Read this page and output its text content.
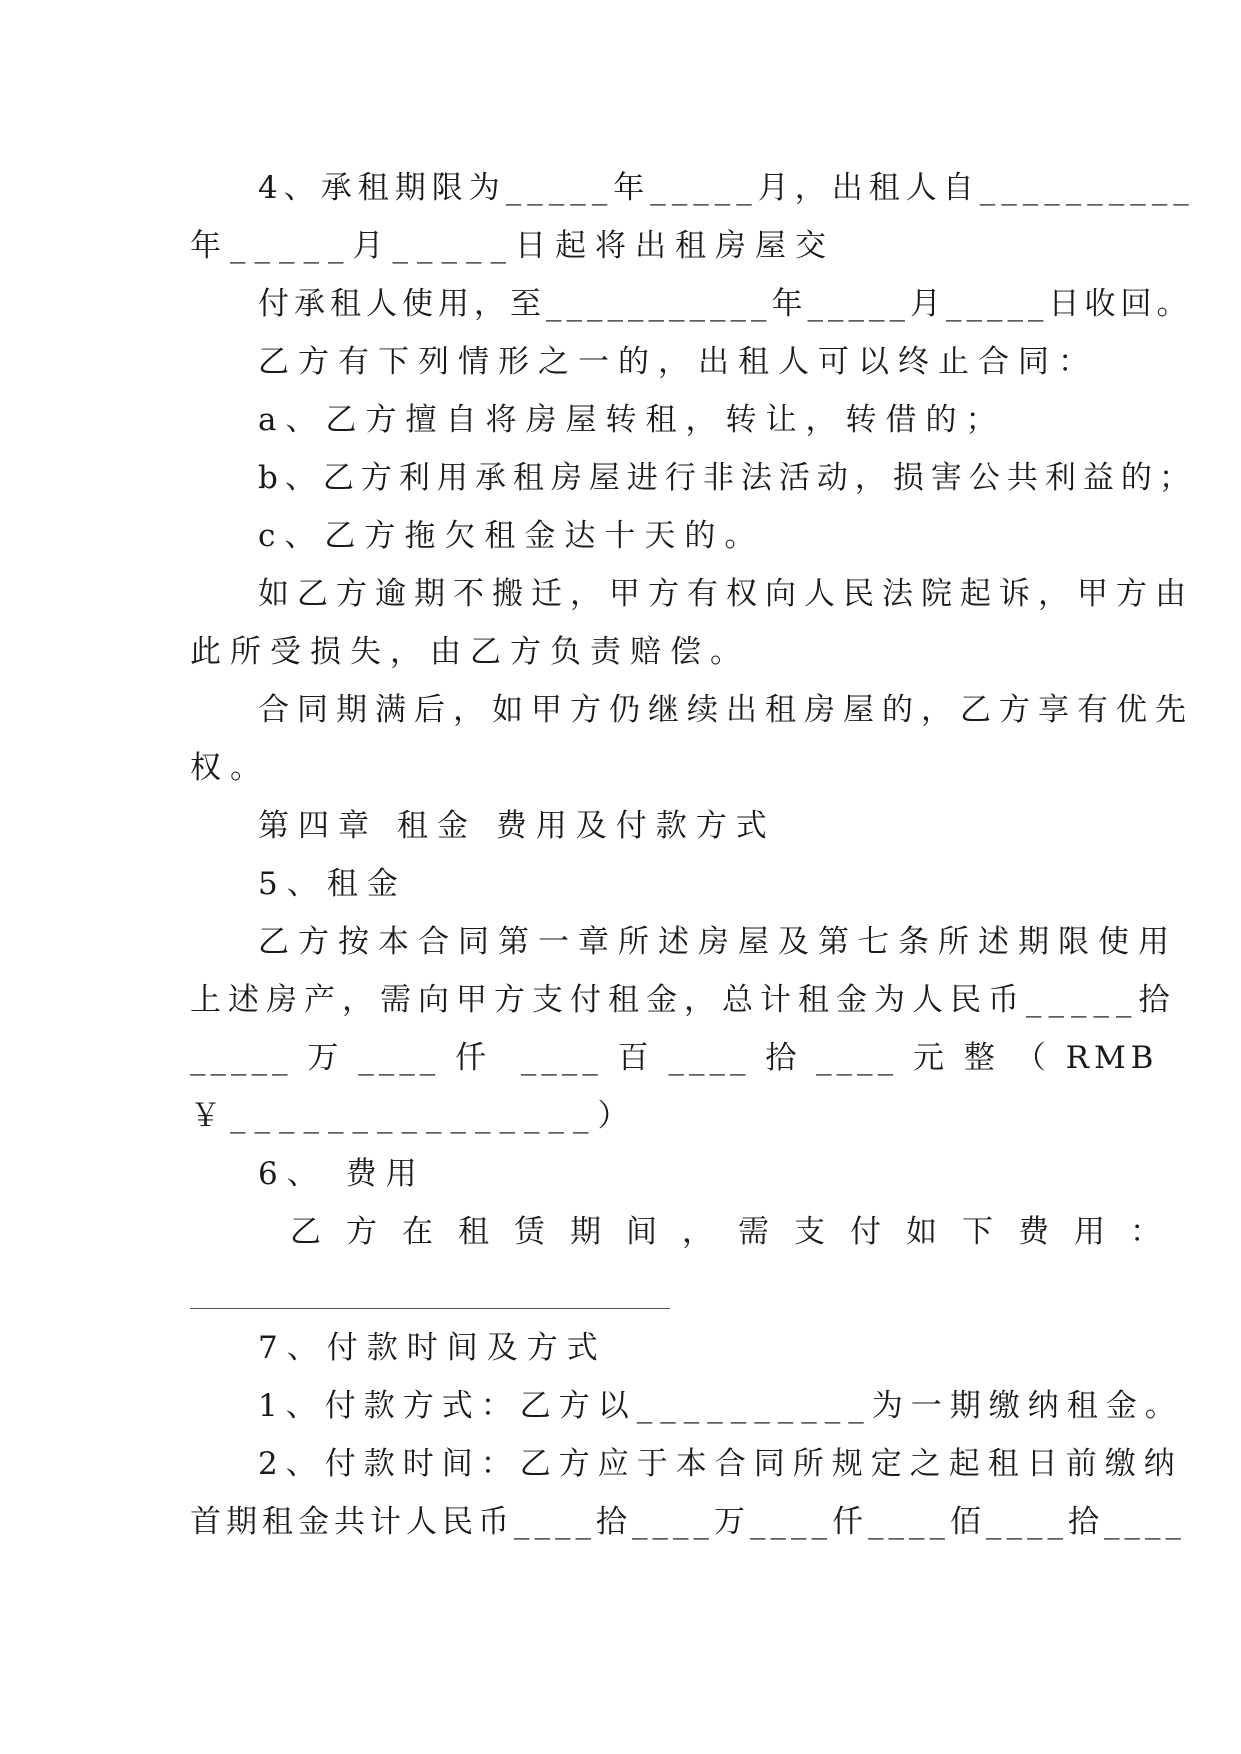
4、承租期限为_____年_____月，出租人自__________

年_____月_____日起将出租房屋交

付承租人使用，至___________年_____月_____日收回。

乙方有下列情形之一的，出租人可以终止合同：

a、乙方擅自将房屋转租，转让，转借的；

b、乙方利用承租房屋进行非法活动，损害公共利益的；

c、乙方拖欠租金达十天的。

如乙方逾期不搬迁，甲方有权向人民法院起诉，甲方由

此所受损失，由乙方负责赔偿。

合同期满后，如甲方仍继续出租房屋的，乙方享有优先

权。

第四章 租金 费用及付款方式

5、租金

乙方按本合同第一章所述房屋及第七条所述期限使用

上述房产，需向甲方支付租金，总计租金为人民币_____拾

_____ 万 ____ 仟  ____ 百 ____ 拾 ____ 元 整 （ RMB

￥_______________）

6、 费用

乙方在租赁期间，需支付如下费用：

7、付款时间及方式

1、付款方式：乙方以__________为一期缴纳租金。

2、付款时间：乙方应于本合同所规定之起租日前缴纳

首期租金共计人民币____拾____万____仟____佰____拾____
